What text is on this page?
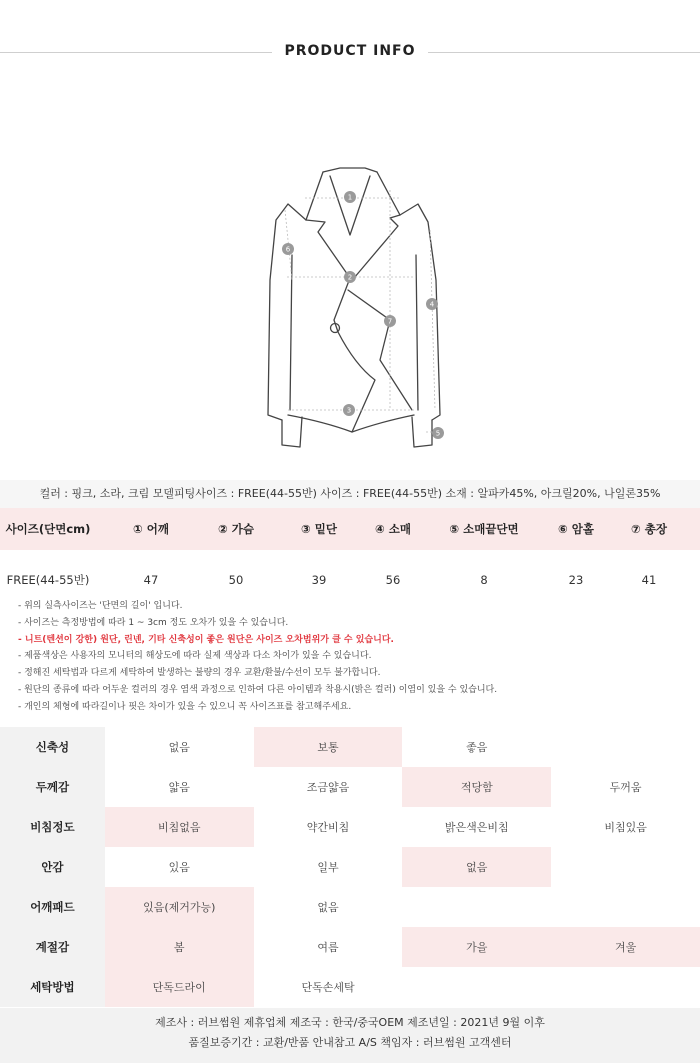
PRODUCT INFO
1
2
3
4
5
6
7
컬러 : 핑크, 소라, 크림 모델피팅사이즈 : FREE(44-55반) 사이즈 : FREE(44-55반) 소재 : 알파카45%, 아크릴20%, 나일론35%
사이즈(단면cm)	① 어깨	② 가슴	③ 밑단	④ 소매	⑤ 소매끝단면	⑥ 암홀	⑦ 총장
FREE(44-55반)	47	50	39	56	8	23	41
- 위의 실측사이즈는 '단면의 길이' 입니다.
- 사이즈는 측정방법에 따라 1 ~ 3cm 정도 오차가 있을 수 있습니다.
- 니트(텐션이 강한) 원단, 린넨, 기타 신축성이 좋은 원단은 사이즈 오차범위가 클 수 있습니다.
- 제품색상은 사용자의 모니터의 해상도에 따라 실제 색상과 다소 차이가 있을 수 있습니다.
- 정해진 세탁법과 다르게 세탁하여 발생하는 불량의 경우 교환/환불/수선이 모두 불가합니다.
- 원단의 종류에 따라 어두운 컬러의 경우 염색 과정으로 인하여 다른 아이템과 착용시(밝은 컬러) 이염이 있을 수 있습니다.
- 개인의 체형에 따라길이나 핏은 차이가 있을 수 있으니 꼭 사이즈표를 참고해주세요.
신축성	없음	보통	좋음
두께감	얇음	조금얇음	적당함	두꺼움
비침정도	비침없음	약간비침	밝은색은비침	비침있음
안감	있음	일부	없음
어깨패드	있음(제거가능)	없음
계절감	봄	여름	가을	겨울
세탁방법	단독드라이	단독손세탁
제조사 : 러브썸원 제휴업체 제조국 : 한국/중국OEM 제조년일 : 2021년 9월 이후
품질보증기간 : 교환/반품 안내참고 A/S 책임자 : 러브썸원 고객센터
